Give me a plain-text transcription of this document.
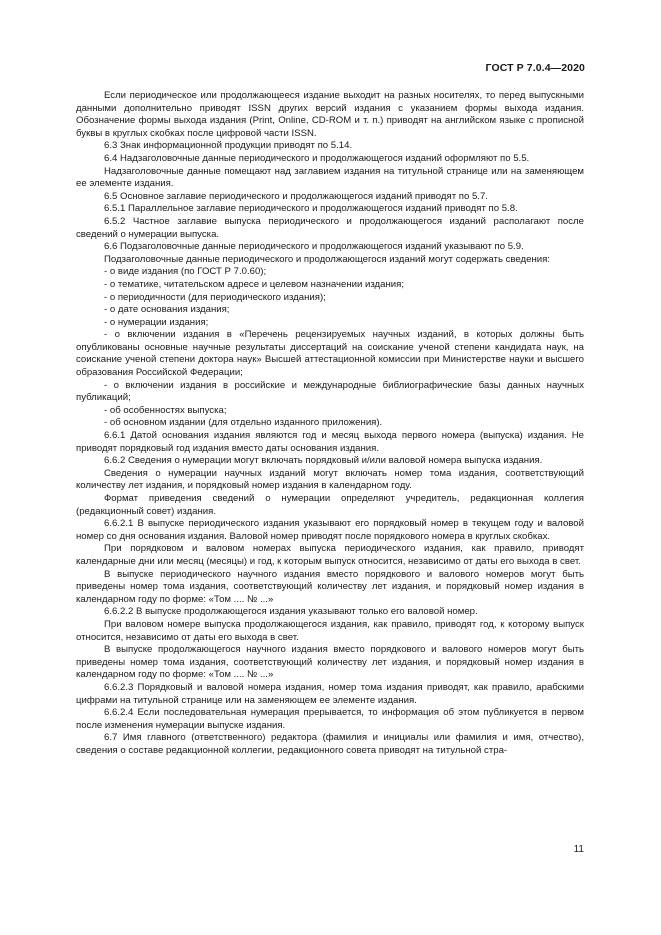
ГОСТ Р 7.0.4—2020

Если периодическое или продолжающееся издание выходит на разных носителях, то перед выпускными данными дополнительно приводят ISSN других версий издания с указанием формы выхода издания. Обозначение формы выхода издания (Print, Online, CD-ROM и т. п.) приводят на английском языке с прописной буквы в круглых скобках после цифровой части ISSN.

6.3 Знак информационной продукции приводят по 5.14.

6.4 Надзаголовочные данные периодического и продолжающегося изданий оформляют по 5.5.

Надзаголовочные данные помещают над заглавием издания на титульной странице или на заменяющем ее элементе издания.

6.5 Основное заглавие периодического и продолжающегося изданий приводят по 5.7.

6.5.1 Параллельное заглавие периодического и продолжающегося изданий приводят по 5.8.

6.5.2 Частное заглавие выпуска периодического и продолжающегося изданий располагают после сведений о нумерации выпуска.

6.6 Подзаголовочные данные периодического и продолжающегося изданий указывают по 5.9.

Подзаголовочные данные периодического и продолжающегося изданий могут содержать сведения:

- о виде издания (по ГОСТ Р 7.0.60);

- о тематике, читательском адресе и целевом назначении издания;

- о периодичности (для периодического издания);

- о дате основания издания;

- о нумерации издания;

- о включении издания в «Перечень рецензируемых научных изданий, в которых должны быть опубликованы основные научные результаты диссертаций на соискание ученой степени кандидата наук, на соискание ученой степени доктора наук» Высшей аттестационной комиссии при Министерстве науки и высшего образования Российской Федерации;

- о включении издания в российские и международные библиографические базы данных научных публикаций;

- об особенностях выпуска;

- об основном издании (для отдельно изданного приложения).

6.6.1 Датой основания издания являются год и месяц выхода первого номера (выпуска) издания. Не приводят порядковый год издания вместо даты основания издания.

6.6.2 Сведения о нумерации могут включать порядковый и/или валовой номера выпуска издания.

Сведения о нумерации научных изданий могут включать номер тома издания, соответствующий количеству лет издания, и порядковый номер издания в календарном году.

Формат приведения сведений о нумерации определяют учредитель, редакционная коллегия (редакционный совет) издания.

6.6.2.1 В выпуске периодического издания указывают его порядковый номер в текущем году и валовой номер со дня основания издания. Валовой номер приводят после порядкового номера в круглых скобках.

При порядковом и валовом номерах выпуска периодического издания, как правило, приводят календарные дни или месяц (месяцы) и год, к которым выпуск относится, независимо от даты его выхода в свет.

В выпуске периодического научного издания вместо порядкового и валового номеров могут быть приведены номер тома издания, соответствующий количеству лет издания, и порядковый номер издания в календарном году по форме: «Том .... № ...»

6.6.2.2 В выпуске продолжающегося издания указывают только его валовой номер.

При валовом номере выпуска продолжающегося издания, как правило, приводят год, к которому выпуск относится, независимо от даты его выхода в свет.

В выпуске продолжающегося научного издания вместо порядкового и валового номеров могут быть приведены номер тома издания, соответствующий количеству лет издания, и порядковый номер издания в календарном году по форме: «Том .... № ...»

6.6.2.3 Порядковый и валовой номера издания, номер тома издания приводят, как правило, арабскими цифрами на титульной странице или на заменяющем ее элементе издания.

6.6.2.4 Если последовательная нумерация прерывается, то информация об этом публикуется в первом после изменения нумерации выпуске издания.

6.7 Имя главного (ответственного) редактора (фамилия и инициалы или фамилия и имя, отчество), сведения о составе редакционной коллегии, редакционного совета приводят на титульной стра-

11
